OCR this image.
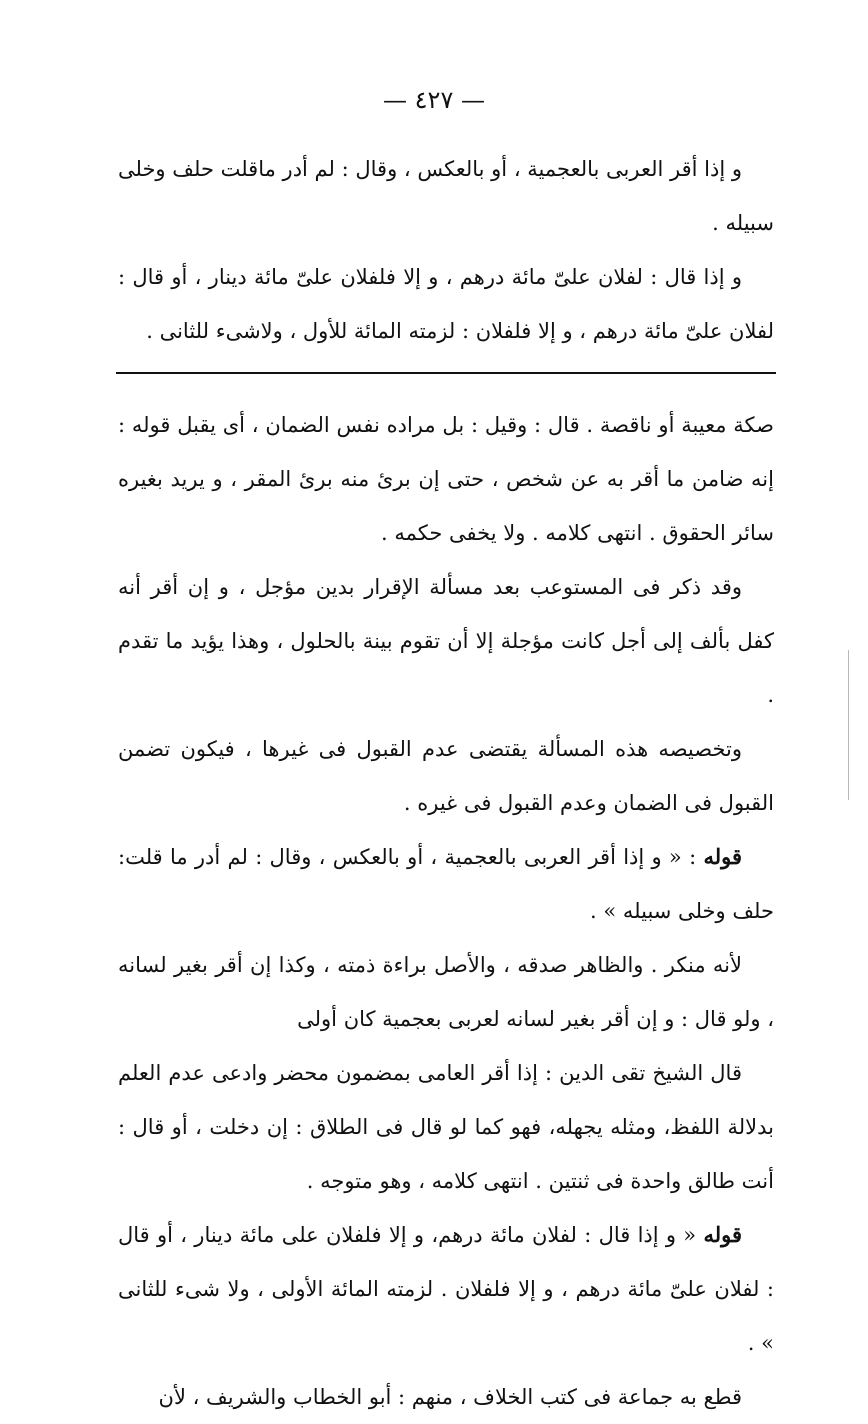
— ٤٢٧ —

و إذا أقر العربى بالعجمية ، أو بالعكس ، وقال : لم أدر ماقلت حلف وخلى سبيله .

و إذا قال : لفلان علىّ مائة درهم ، و إلا فلفلان علىّ مائة دينار ، أو قال : لفلان علىّ مائة درهم ، و إلا فلفلان : لزمته المائة للأول ، ولاشىء للثانى .

صكة معيبة أو ناقصة . قال : وقيل : بل مراده نفس الضمان ، أى يقبل قوله : إنه ضامن ما أقر به عن شخص ، حتى إن برئ منه برئ المقر ، و يريد بغيره سائر الحقوق . انتهى كلامه . ولا يخفى حكمه .

وقد ذكر فى المستوعب بعد مسألة الإقرار بدين مؤجل ، و إن أقر أنه كفل بألف إلى أجل كانت مؤجلة إلا أن تقوم بينة بالحلول ، وهذا يؤيد ما تقدم .

وتخصيصه هذه المسألة يقتضى عدم القبول فى غيرها ، فيكون تضمن القبول فى الضمان وعدم القبول فى غيره .

قوله : « و إذا أقر العربى بالعجمية ، أو بالعكس ، وقال : لم أدر ما قلت: حلف وخلى سبيله » .

لأنه منكر . والظاهر صدقه ، والأصل براءة ذمته ، وكذا إن أقر بغير لسانه ، ولو قال : و إن أقر بغير لسانه لعربى بعجمية كان أولى

قال الشيخ تقى الدين : إذا أقر العامى بمضمون محضر وادعى عدم العلم بدلالة اللفظ، ومثله يجهله، فهو كما لو قال فى الطلاق : إن دخلت ، أو قال : أنت طالق واحدة فى ثنتين . انتهى كلامه ، وهو متوجه .

قوله « و إذا قال : لفلان مائة درهم، و إلا فلفلان على مائة دينار ، أو قال : لفلان علىّ مائة درهم ، و إلا فلفلان . لزمته المائة الأولى ، ولا شىء للثانى » .

قطع به جماعة فى كتب الخلاف ، منهم : أبو الخطاب والشريف ، لأن
